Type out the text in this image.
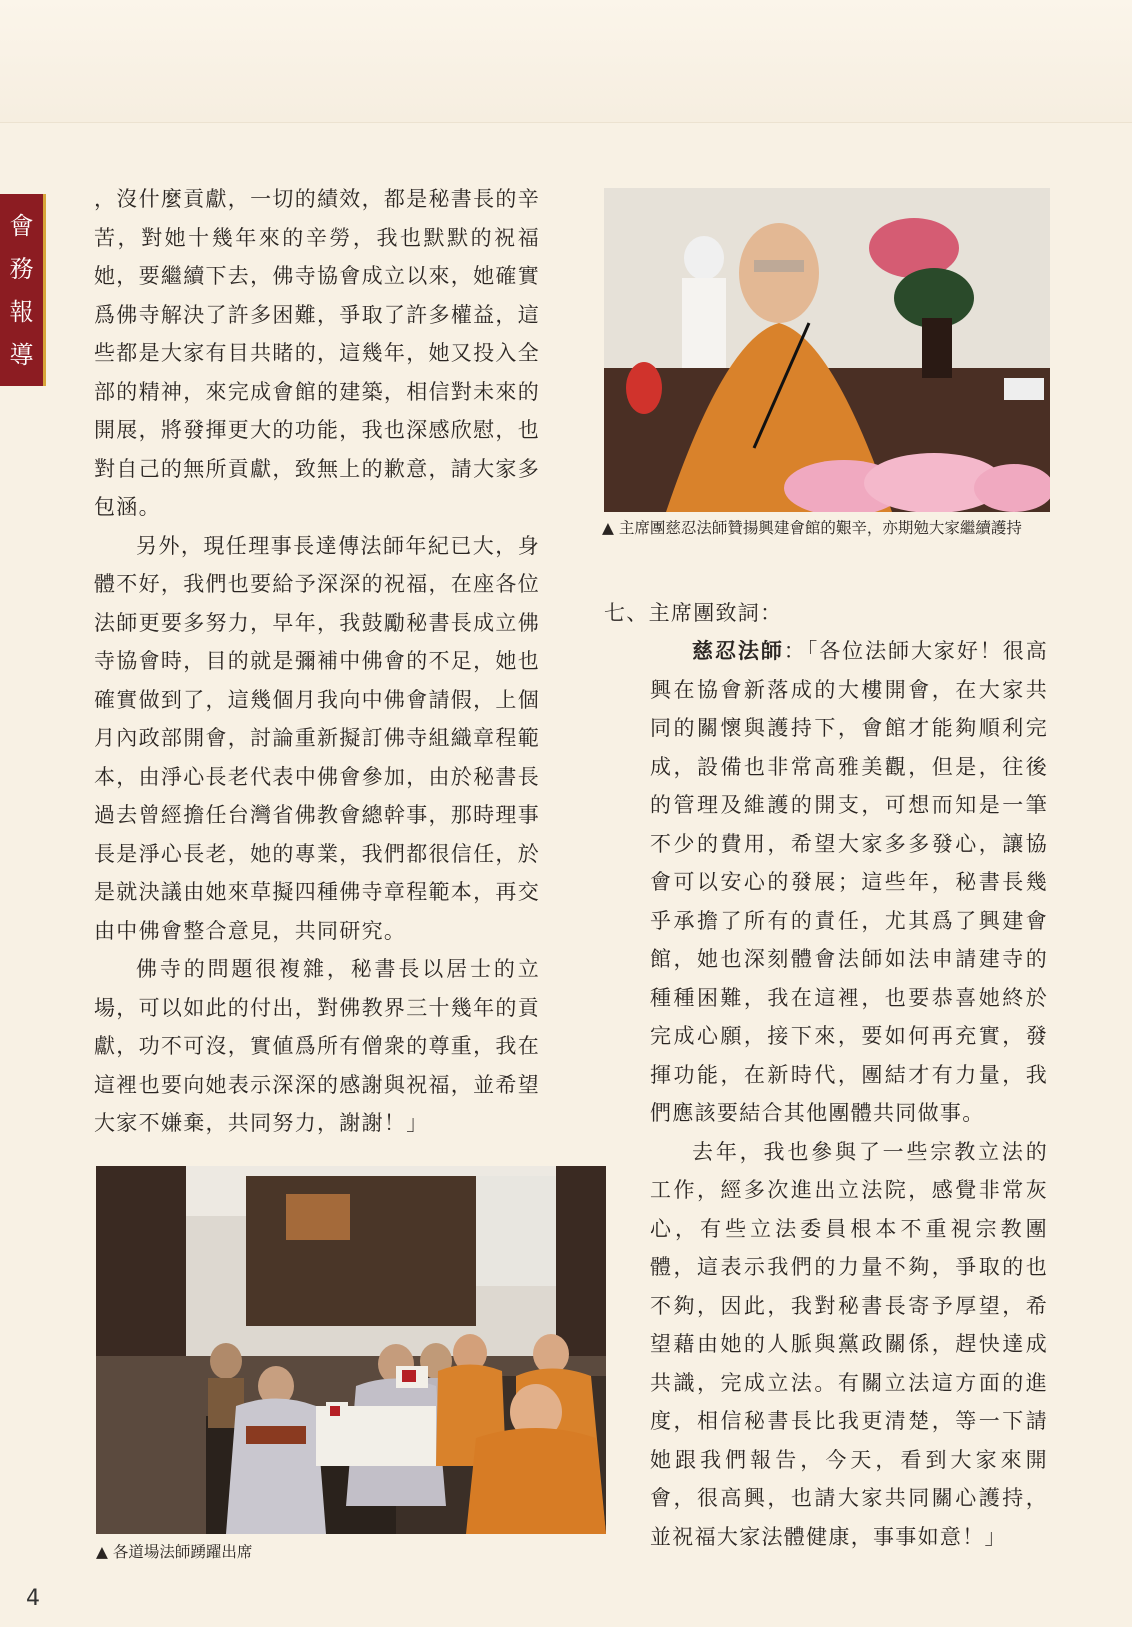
會
務
報
導

，沒什麼貢獻，一切的績效，都是秘書長的辛苦，對她十幾年來的辛勞，我也默默的祝福她，要繼續下去，佛寺協會成立以來，她確實爲佛寺解決了許多困難，爭取了許多權益，這些都是大家有目共睹的，這幾年，她又投入全部的精神，來完成會館的建築，相信對未來的開展，將發揮更大的功能，我也深感欣慰，也對自己的無所貢獻，致無上的歉意，請大家多包涵。

另外，現任理事長達傳法師年紀已大，身體不好，我們也要給予深深的祝福，在座各位法師更要多努力，早年，我鼓勵秘書長成立佛寺協會時，目的就是彌補中佛會的不足，她也確實做到了，這幾個月我向中佛會請假，上個月內政部開會，討論重新擬訂佛寺組織章程範本，由淨心長老代表中佛會參加，由於秘書長過去曾經擔任台灣省佛教會總幹事，那時理事長是淨心長老，她的專業，我們都很信任，於是就決議由她來草擬四種佛寺章程範本，再交由中佛會整合意見，共同研究。

佛寺的問題很複雜，秘書長以居士的立場，可以如此的付出，對佛教界三十幾年的貢獻，功不可沒，實値爲所有僧衆的尊重，我在這裡也要向她表示深深的感謝與祝福，並希望大家不嫌棄，共同努力，謝謝！」

▲ 各道場法師踴躍出席
▲ 主席團慈忍法師贊揚興建會館的艱辛，亦期勉大家繼續護持

七、主席團致詞：

慈忍法師：「各位法師大家好！很高興在協會新落成的大樓開會，在大家共同的關懷與護持下，會館才能夠順利完成，設備也非常高雅美觀，但是，往後的管理及維護的開支，可想而知是一筆不少的費用，希望大家多多發心，讓協會可以安心的發展；這些年，秘書長幾乎承擔了所有的責任，尤其爲了興建會館，她也深刻體會法師如法申請建寺的種種困難，我在這裡，也要恭喜她終於完成心願，接下來，要如何再充實，發揮功能，在新時代，團結才有力量，我們應該要結合其他團體共同做事。

去年，我也參與了一些宗教立法的工作，經多次進出立法院，感覺非常灰心，有些立法委員根本不重視宗教團體，這表示我們的力量不夠，爭取的也不夠，因此，我對秘書長寄予厚望，希望藉由她的人脈與黨政關係，趕快達成共識，完成立法。有關立法這方面的進度，相信秘書長比我更清楚，等一下請她跟我們報告，今天，看到大家來開會，很高興，也請大家共同關心護持，並祝福大家法體健康，事事如意！」

4
